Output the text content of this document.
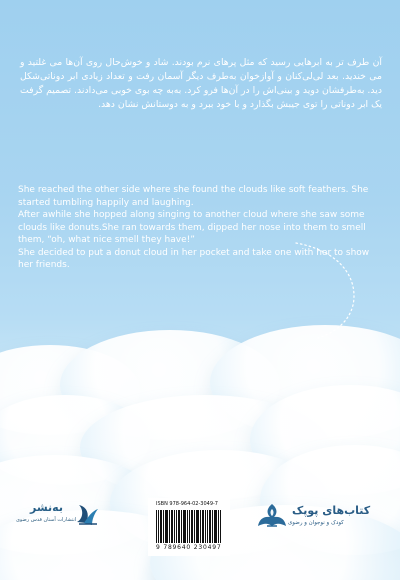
آن طرف تر به ابرهایی رسید که مثل پرهای نرم بودند. شاد و خوش‌حال روی آن‌ها می غلتید و می خندید. بعد لی‌لی‌کنان و آوازخوان به‌طرف دیگر آسمان رفت و تعداد زیادی ابر دوناتی‌شکل دید. به‌طرفشان دوید و بینی‌اش را در آن‌ها فرو کرد. به‌به چه بوی خوبی می‌دادند. تصمیم گرفت یک ابر دوناتی را توی جیبش بگذارد و با خود ببرد و به دوستانش نشان دهد.

She reached the other side where she found the clouds like soft feathers. She started tumbling happily and laughing.

After awhile she hopped along singing to another cloud where she saw some clouds like donuts.She ran towards them, dipped her nose into them to smell them, “oh, what nice smell they have!”

She decided to put a donut cloud in her pocket and take one with her to show her friends.

به‌نشر
انتشارات آستان قدس رضوی
ISBN 978-964-02-3049-7
9 789640 230497
کتاب‌های پوپک
کودک و نوجوان و رضوی
